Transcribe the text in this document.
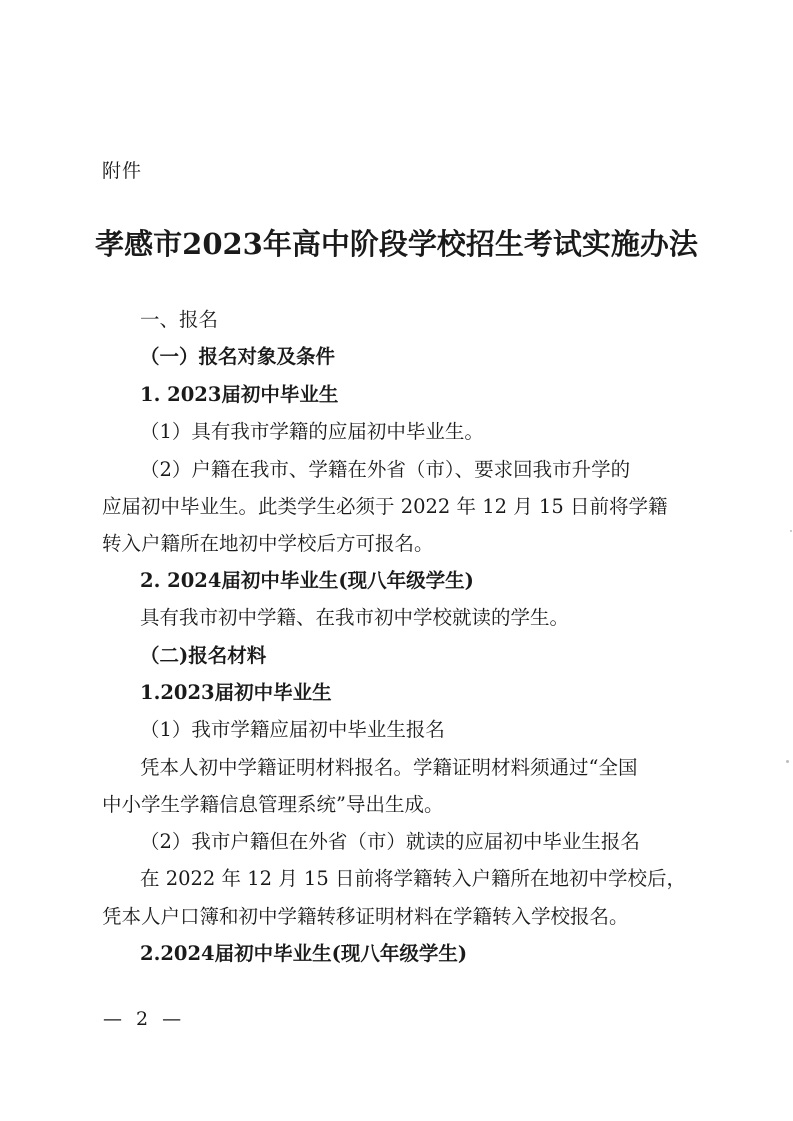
附件
孝感市2023年高中阶段学校招生考试实施办法
一、报名
（一）报名对象及条件
1. 2023届初中毕业生
（1）具有我市学籍的应届初中毕业生。
（2）户籍在我市、学籍在外省（市）、要求回我市升学的
应届初中毕业生。此类学生必须于 2022 年 12 月 15 日前将学籍
转入户籍所在地初中学校后方可报名。
2. 2024届初中毕业生(现八年级学生)
具有我市初中学籍、在我市初中学校就读的学生。
（二)报名材料
1.2023届初中毕业生
（1）我市学籍应届初中毕业生报名
凭本人初中学籍证明材料报名。学籍证明材料须通过“全国
中小学生学籍信息管理系统”导出生成。
（2）我市户籍但在外省（市）就读的应届初中毕业生报名
在 2022 年 12 月 15 日前将学籍转入户籍所在地初中学校后，
凭本人户口簿和初中学籍转移证明材料在学籍转入学校报名。
2.2024届初中毕业生(现八年级学生)
— 2 —
